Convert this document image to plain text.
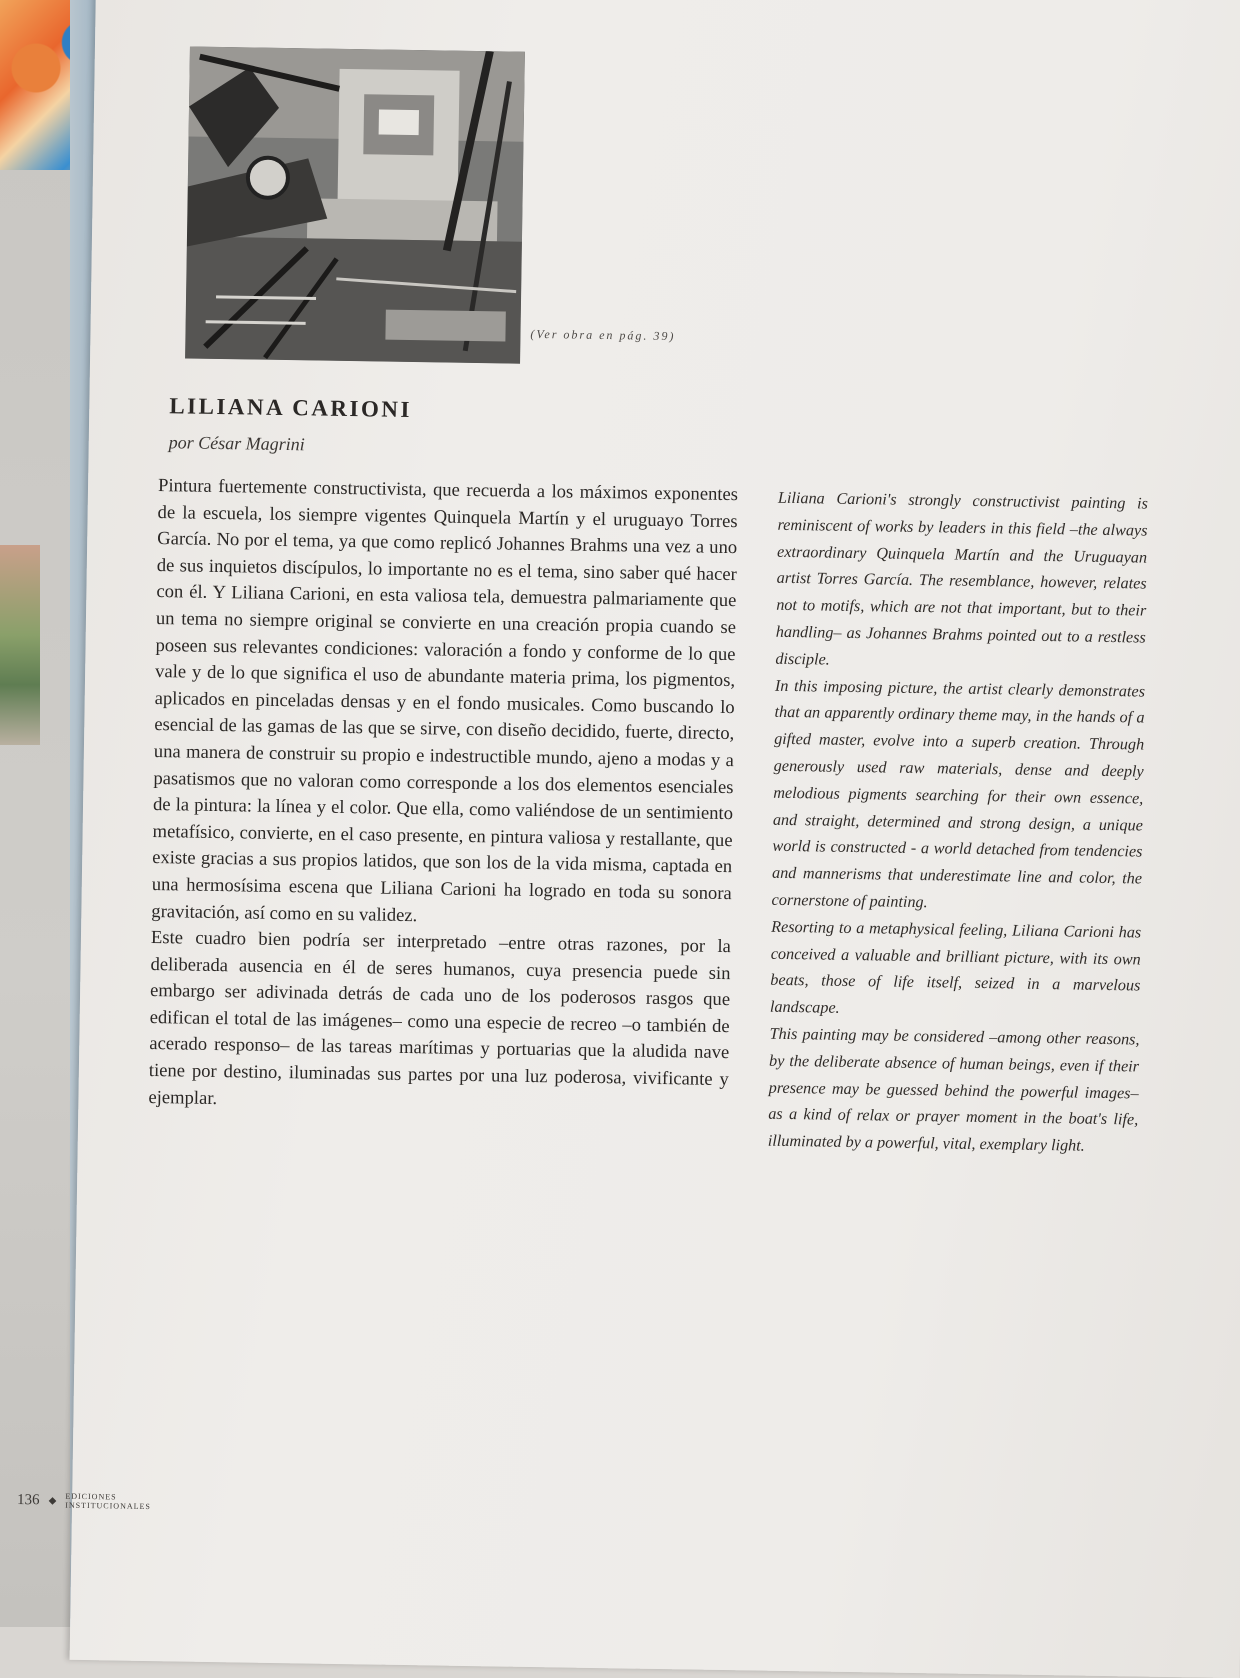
(Ver obra en pág. 39)
LILIANA CARIONI

por César Magrini

Pintura fuertemente constructivista, que recuerda a los máximos exponentes de la escuela, los siempre vigentes Quinquela Martín y el uruguayo Torres García. No por el tema, ya que como replicó Johannes Brahms una vez a uno de sus inquietos discípulos, lo importante no es el tema, sino saber qué hacer con él. Y Liliana Carioni, en esta valiosa tela, demuestra palmariamente que un tema no siempre original se convierte en una creación propia cuando se poseen sus relevantes condiciones: valoración a fondo y conforme de lo que vale y de lo que significa el uso de abundante materia prima, los pigmentos, aplicados en pinceladas densas y en el fondo musicales. Como buscando lo esencial de las gamas de las que se sirve, con diseño decidido, fuerte, directo, una manera de construir su propio e indestructible mundo, ajeno a modas y a pasatismos que no valoran como corresponde a los dos elementos esenciales de la pintura: la línea y el color. Que ella, como valiéndose de un sentimiento metafísico, convierte, en el caso presente, en pintura valiosa y restallante, que existe gracias a sus propios latidos, que son los de la vida misma, captada en una hermosísima escena que Liliana Carioni ha logrado en toda su sonora gravitación, así como en su validez.

Este cuadro bien podría ser interpretado –entre otras razones, por la deliberada ausencia en él de seres humanos, cuya presencia puede sin embargo ser adivinada detrás de cada uno de los poderosos rasgos que edifican el total de las imágenes– como una especie de recreo –o también de acerado responso– de las tareas marítimas y portuarias que la aludida nave tiene por destino, iluminadas sus partes por una luz poderosa, vivificante y ejemplar.

Liliana Carioni's strongly constructivist painting is reminiscent of works by leaders in this field –the always extraordinary Quinquela Martín and the Uruguayan artist Torres García. The resemblance, however, relates not to motifs, which are not that important, but to their handling– as Johannes Brahms pointed out to a restless disciple.

In this imposing picture, the artist clearly demonstrates that an apparently ordinary theme may, in the hands of a gifted master, evolve into a superb creation. Through generously used raw materials, dense and deeply melodious pigments searching for their own essence, and straight, determined and strong design, a unique world is constructed - a world detached from tendencies and mannerisms that underestimate line and color, the cornerstone of painting.

Resorting to a metaphysical feeling, Liliana Carioni has conceived a valuable and brilliant picture, with its own beats, those of life itself, seized in a marvelous landscape.

This painting may be considered –among other reasons, by the deliberate absence of human beings, even if their presence may be guessed behind the powerful images– as a kind of relax or prayer moment in the boat's life, illuminated by a powerful, vital, exemplary light.

136 ◆ EDICIONES
INSTITUCIONALES
